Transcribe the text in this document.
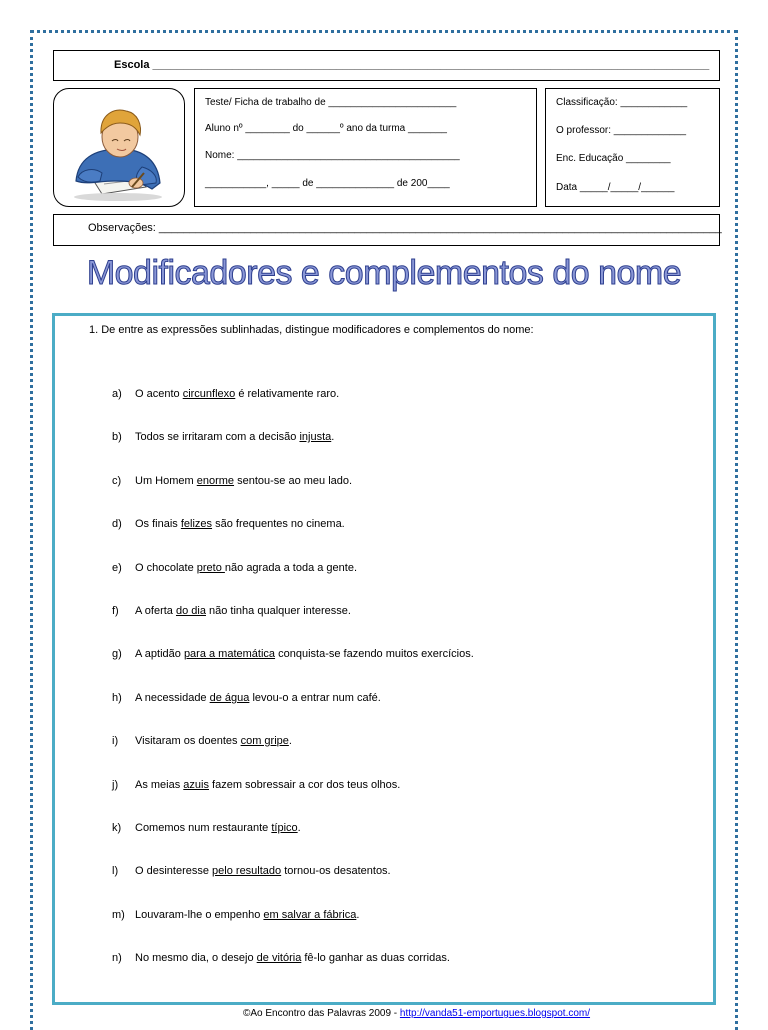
Escola ___________________________________________________________________________________________
Teste/ Ficha de trabalho de _______________________
Aluno nº ________ do ______º ano da turma _______
Nome: ________________________________________
___________, _____ de ______________ de 200____
Classificação: ____________
O professor: _____________
Enc. Educação ________
Data _____/_____/______
Observações: ____________________________________________________________________________________________
Modificadores e complementos do nome
1. De entre as expressões sublinhadas, distingue modificadores e complementos do nome:
a) O acento circunflexo é relativamente raro.
b) Todos se irritaram com a decisão injusta.
c) Um Homem enorme sentou-se ao meu lado.
d) Os finais felizes são frequentes no cinema.
e) O chocolate preto não agrada a toda a gente.
f) A oferta do dia não tinha qualquer interesse.
g) A aptidão para a matemática conquista-se fazendo muitos exercícios.
h) A necessidade de água levou-o a entrar num café.
i) Visitaram os doentes com gripe.
j) As meias azuis fazem sobressair a cor dos teus olhos.
k) Comemos num restaurante típico.
l) O desinteresse pelo resultado tornou-os desatentos.
m) Louvaram-lhe o empenho em salvar a fábrica.
n) No mesmo dia, o desejo de vitória fê-lo ganhar as duas corridas.
©Ao Encontro das Palavras 2009 - http://vanda51-emportugues.blogspot.com/
